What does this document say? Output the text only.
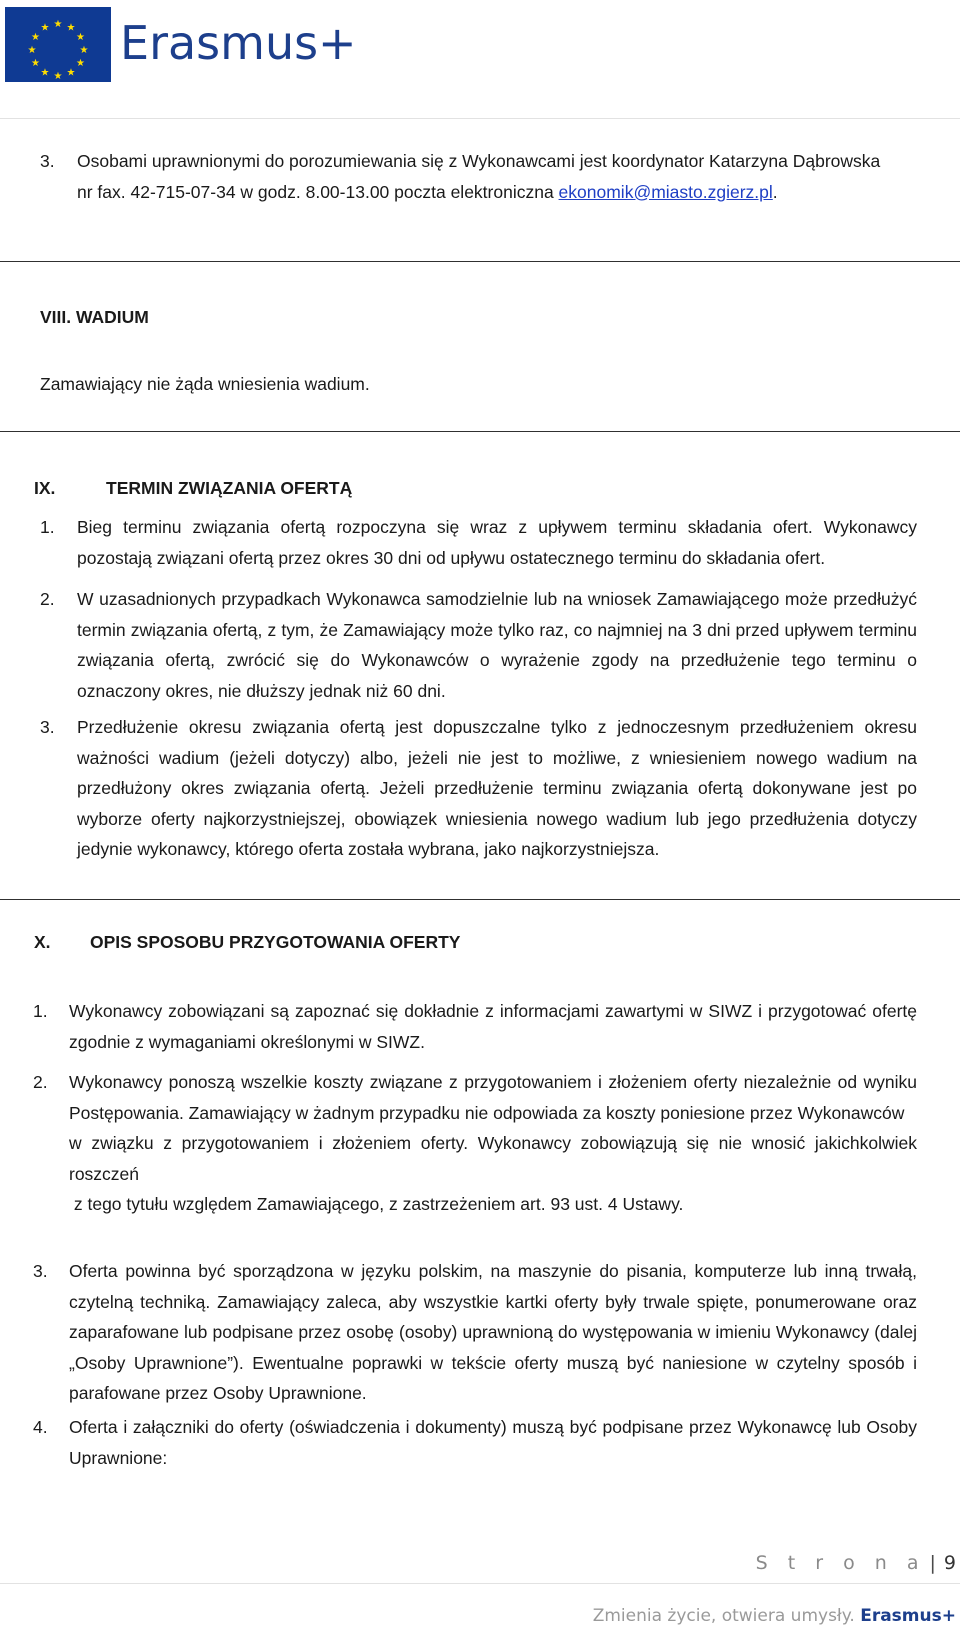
★ ★
★
★
★
★
★
★
★
★
★
★ Erasmus+
3. Osobami uprawnionymi do porozumiewania się z Wykonawcami jest koordynator Katarzyna Dąbrowska
nr fax. 42-715-07-34 w godz. 8.00-13.00 poczta elektroniczna ekonomik@miasto.zgierz.pl.
VIII. WADIUM
Zamawiający nie żąda wniesienia wadium.
IX.	TERMIN ZWIĄZANIA OFERTĄ
1. Bieg terminu związania ofertą rozpoczyna się wraz z upływem terminu składania ofert. Wykonawcy pozostają związani ofertą przez okres 30 dni od upływu ostatecznego terminu do składania ofert.
2. W uzasadnionych przypadkach Wykonawca samodzielnie lub na wniosek Zamawiającego może przedłużyć termin związania ofertą, z tym, że Zamawiający może tylko raz, co najmniej na 3 dni przed upływem terminu związania ofertą, zwrócić się do Wykonawców o wyrażenie zgody na przedłużenie tego terminu o oznaczony okres, nie dłuższy jednak niż 60 dni.
3. Przedłużenie okresu związania ofertą jest dopuszczalne tylko z jednoczesnym przedłużeniem okresu ważności wadium (jeżeli dotyczy) albo, jeżeli nie jest to możliwe, z wniesieniem nowego wadium na przedłużony okres związania ofertą. Jeżeli przedłużenie terminu związania ofertą dokonywane jest po wyborze oferty najkorzystniejszej, obowiązek wniesienia nowego wadium lub jego przedłużenia dotyczy jedynie wykonawcy, którego oferta została wybrana, jako najkorzystniejsza.
X. OPIS SPOSOBU PRZYGOTOWANIA OFERTY
1. Wykonawcy zobowiązani są zapoznać się dokładnie z informacjami zawartymi w SIWZ i przygotować ofertę zgodnie z wymaganiami określonymi w SIWZ.
2. Wykonawcy ponoszą wszelkie koszty związane z przygotowaniem i złożeniem oferty niezależnie od wyniku Postępowania. Zamawiający w żadnym przypadku nie odpowiada za koszty poniesione przez Wykonawców
w związku z przygotowaniem i złożeniem oferty. Wykonawcy zobowiązują się nie wnosić jakichkolwiek roszczeń
z tego tytułu względem Zamawiającego, z zastrzeżeniem art. 93 ust. 4 Ustawy.
3. Oferta powinna być sporządzona w języku polskim, na maszynie do pisania, komputerze lub inną trwałą, czytelną techniką. Zamawiający zaleca, aby wszystkie kartki oferty były trwale spięte, ponumerowane oraz zaparafowane lub podpisane przez osobę (osoby) uprawnioną do występowania w imieniu Wykonawcy (dalej „Osoby Uprawnione”). Ewentualne poprawki w tekście oferty muszą być naniesione w czytelny sposób i parafowane przez Osoby Uprawnione.
4. Oferta i załączniki do oferty (oświadczenia i dokumenty) muszą być podpisane przez Wykonawcę lub Osoby Uprawnione:
S t r o n a | 9
Zmienia życie, otwiera umysły. Erasmus+
